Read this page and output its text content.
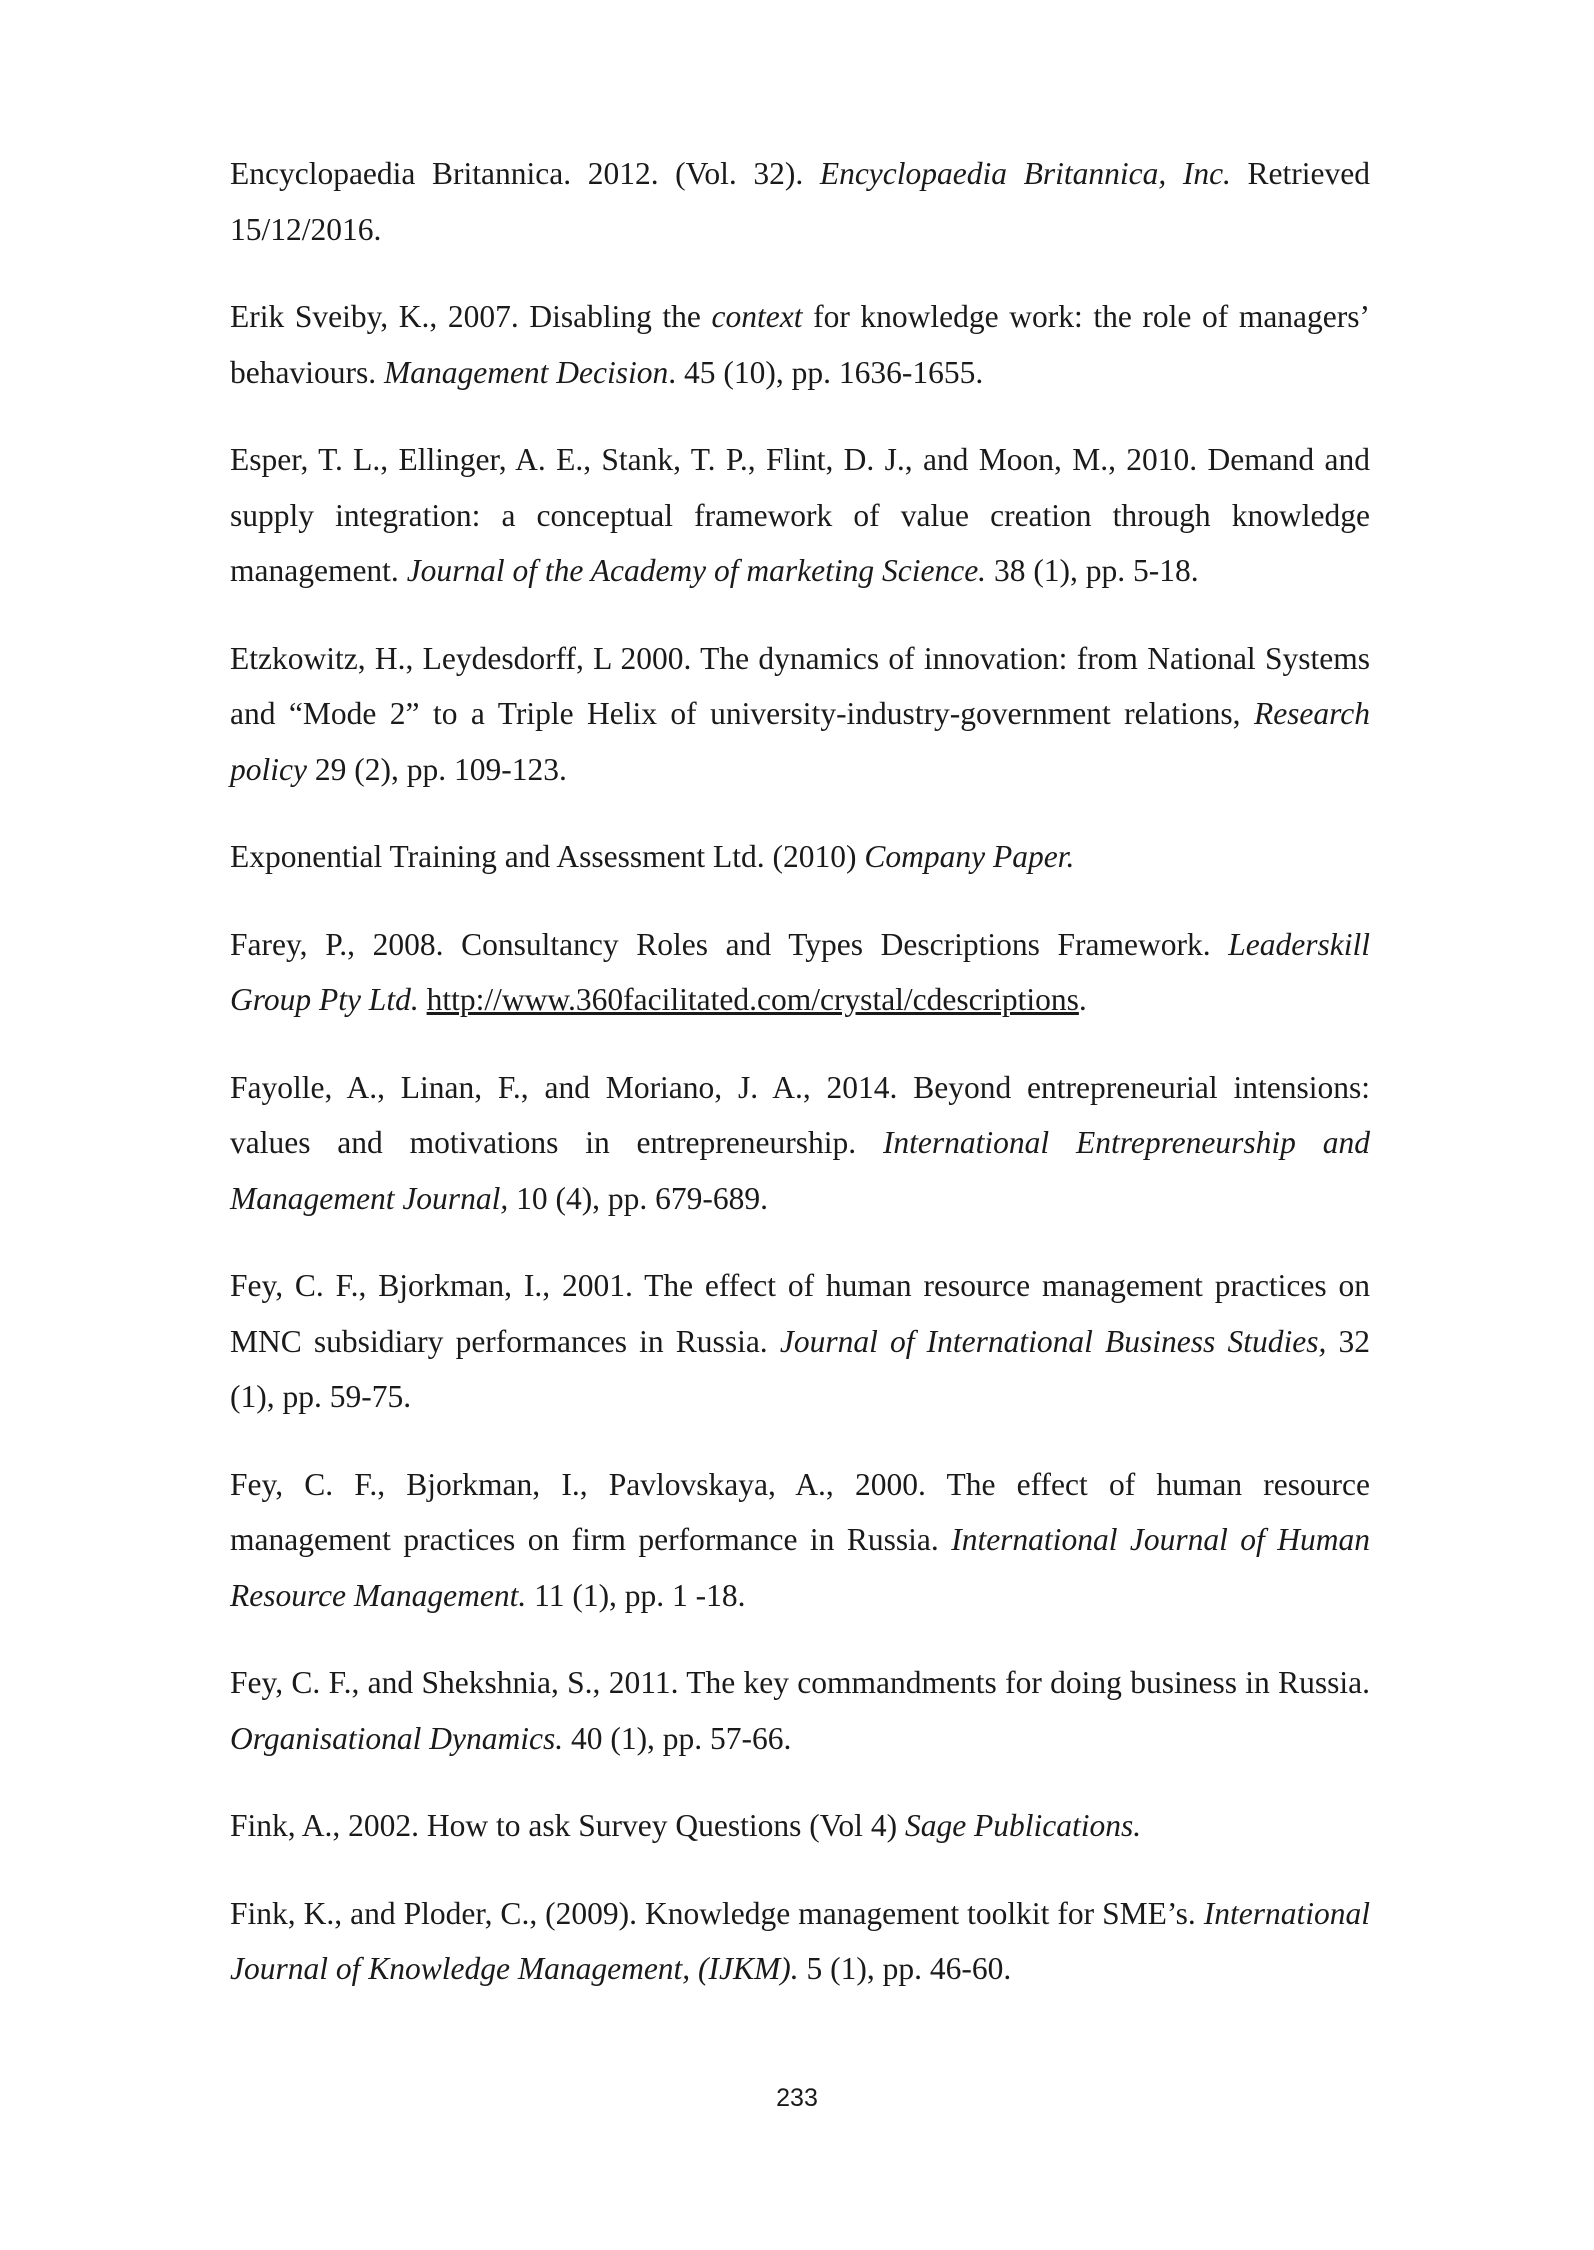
Encyclopaedia Britannica. 2012. (Vol. 32). Encyclopaedia Britannica, Inc. Retrieved 15/12/2016.

Erik Sveiby, K., 2007. Disabling the context for knowledge work: the role of managers’ behaviours. Management Decision. 45 (10), pp. 1636-1655.

Esper, T. L., Ellinger, A. E., Stank, T. P., Flint, D. J., and Moon, M., 2010. Demand and supply integration: a conceptual framework of value creation through knowledge management. Journal of the Academy of marketing Science. 38 (1), pp. 5-18.

Etzkowitz, H., Leydesdorff, L 2000. The dynamics of innovation: from National Systems and “Mode 2” to a Triple Helix of university-industry-government relations, Research policy 29 (2), pp. 109-123.

Exponential Training and Assessment Ltd. (2010) Company Paper.

Farey, P., 2008. Consultancy Roles and Types Descriptions Framework. Leaderskill Group Pty Ltd. http://www.360facilitated.com/crystal/cdescriptions.

Fayolle, A., Linan, F., and Moriano, J. A., 2014. Beyond entrepreneurial intensions: values and motivations in entrepreneurship. International Entrepreneurship and Management Journal, 10 (4), pp. 679-689.

Fey, C. F., Bjorkman, I., 2001. The effect of human resource management practices on MNC subsidiary performances in Russia. Journal of International Business Studies, 32 (1), pp. 59-75.

Fey, C. F., Bjorkman, I., Pavlovskaya, A., 2000. The effect of human resource management practices on firm performance in Russia. International Journal of Human Resource Management. 11 (1), pp. 1 -18.

Fey, C. F., and Shekshnia, S., 2011. The key commandments for doing business in Russia. Organisational Dynamics. 40 (1), pp. 57-66.

Fink, A., 2002. How to ask Survey Questions (Vol 4) Sage Publications.

Fink, K., and Ploder, C., (2009). Knowledge management toolkit for SME’s. International Journal of Knowledge Management, (IJKM). 5 (1), pp. 46-60.

233
